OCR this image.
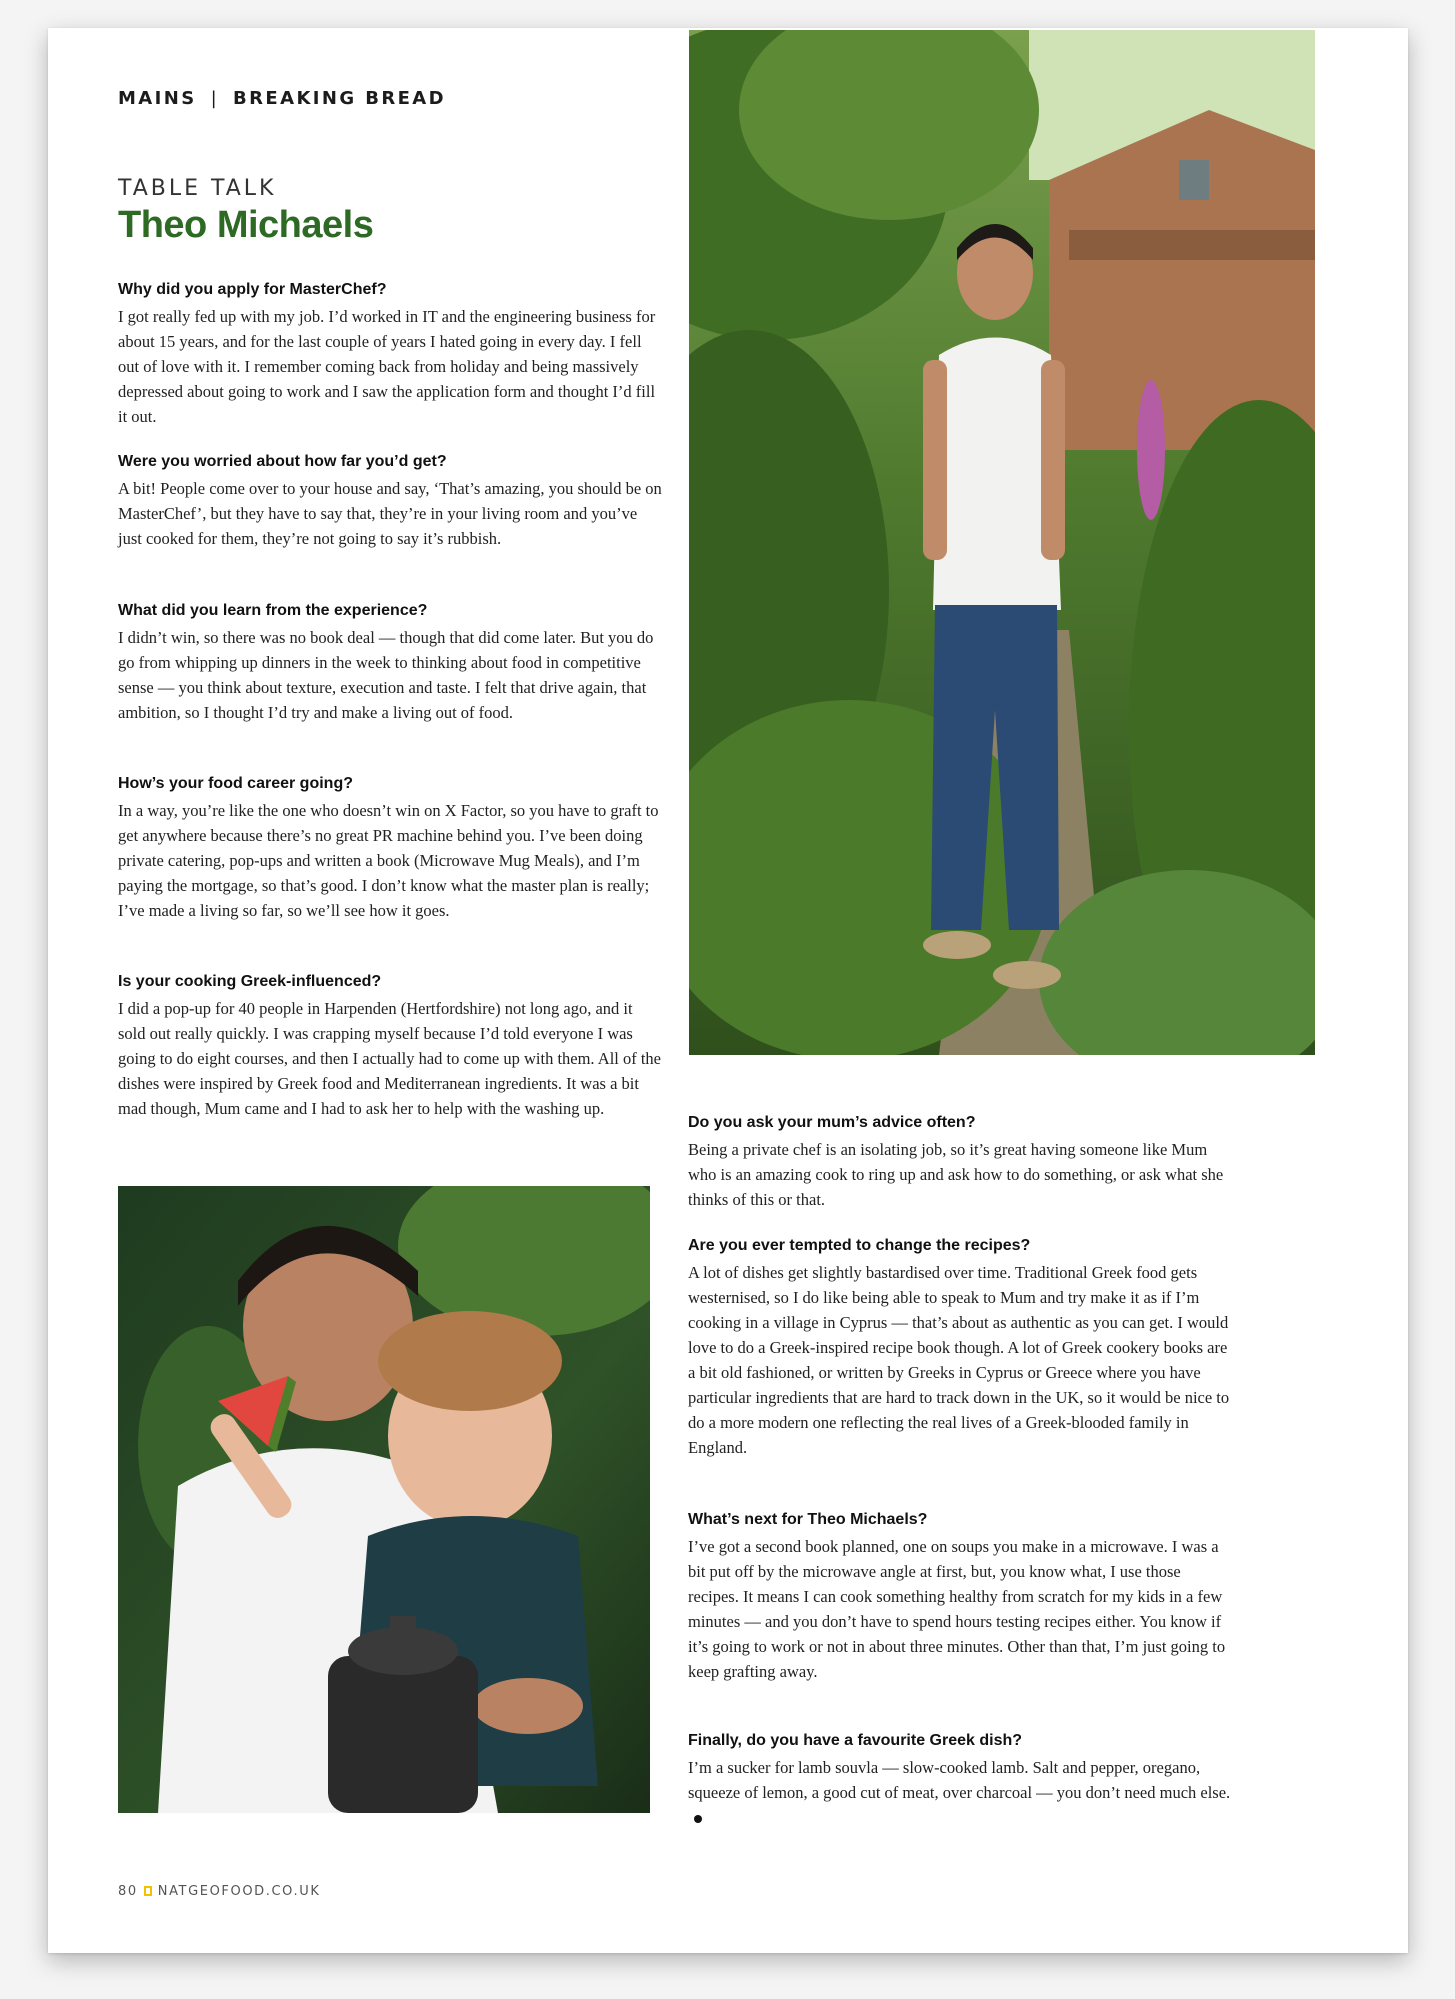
MAINS | BREAKING BREAD
TABLE TALK
Theo Michaels

Why did you apply for MasterChef?

I got really fed up with my job. I’d worked in IT and the engineering business for about 15 years, and for the last couple of years I hated going in every day. I fell out of love with it. I remember coming back from holiday and being massively depressed about going to work and I saw the application form and thought I’d fill it out.

Were you worried about how far you’d get?

A bit! People come over to your house and say, ‘That’s amazing, you should be on MasterChef’, but they have to say that, they’re in your living room and you’ve just cooked for them, they’re not going to say it’s rubbish.

What did you learn from the experience?

I didn’t win, so there was no book deal — though that did come later. But you do go from whipping up dinners in the week to thinking about food in competitive sense — you think about texture, execution and taste. I felt that drive again, that ambition, so I thought I’d try and make a living out of food.

How’s your food career going?

In a way, you’re like the one who doesn’t win on X Factor, so you have to graft to get anywhere because there’s no great PR machine behind you. I’ve been doing private catering, pop-ups and written a book (Microwave Mug Meals), and I’m paying the mortgage, so that’s good. I don’t know what the master plan is really; I’ve made a living so far, so we’ll see how it goes.

Is your cooking Greek-influenced?

I did a pop-up for 40 people in Harpenden (Hertfordshire) not long ago, and it sold out really quickly. I was crapping myself because I’d told everyone I was going to do eight courses, and then I actually had to come up with them. All of the dishes were inspired by Greek food and Mediterranean ingredients. It was a bit mad though, Mum came and I had to ask her to help with the washing up.

Do you ask your mum’s advice often?

Being a private chef is an isolating job, so it’s great having someone like Mum who is an amazing cook to ring up and ask how to do something, or ask what she thinks of this or that.

Are you ever tempted to change the recipes?

A lot of dishes get slightly bastardised over time. Traditional Greek food gets westernised, so I do like being able to speak to Mum and try make it as if I’m cooking in a village in Cyprus — that’s about as authentic as you can get. I would love to do a Greek-inspired recipe book though. A lot of Greek cookery books are a bit old fashioned, or written by Greeks in Cyprus or Greece where you have particular ingredients that are hard to track down in the UK, so it would be nice to do a more modern one reflecting the real lives of a Greek-blooded family in England.

What’s next for Theo Michaels?

I’ve got a second book planned, one on soups you make in a microwave. I was a bit put off by the microwave angle at first, but, you know what, I use those recipes. It means I can cook something healthy from scratch for my kids in a few minutes — and you don’t have to spend hours testing recipes either. You know if it’s going to work or not in about three minutes. Other than that, I’m just going to keep grafting away.

Finally, do you have a favourite Greek dish?

I’m a sucker for lamb souvla — slow-cooked lamb. Salt and pepper, oregano, squeeze of lemon, a good cut of meat, over charcoal — you don’t need much else.

80 NATGEOFOOD.CO.UK
